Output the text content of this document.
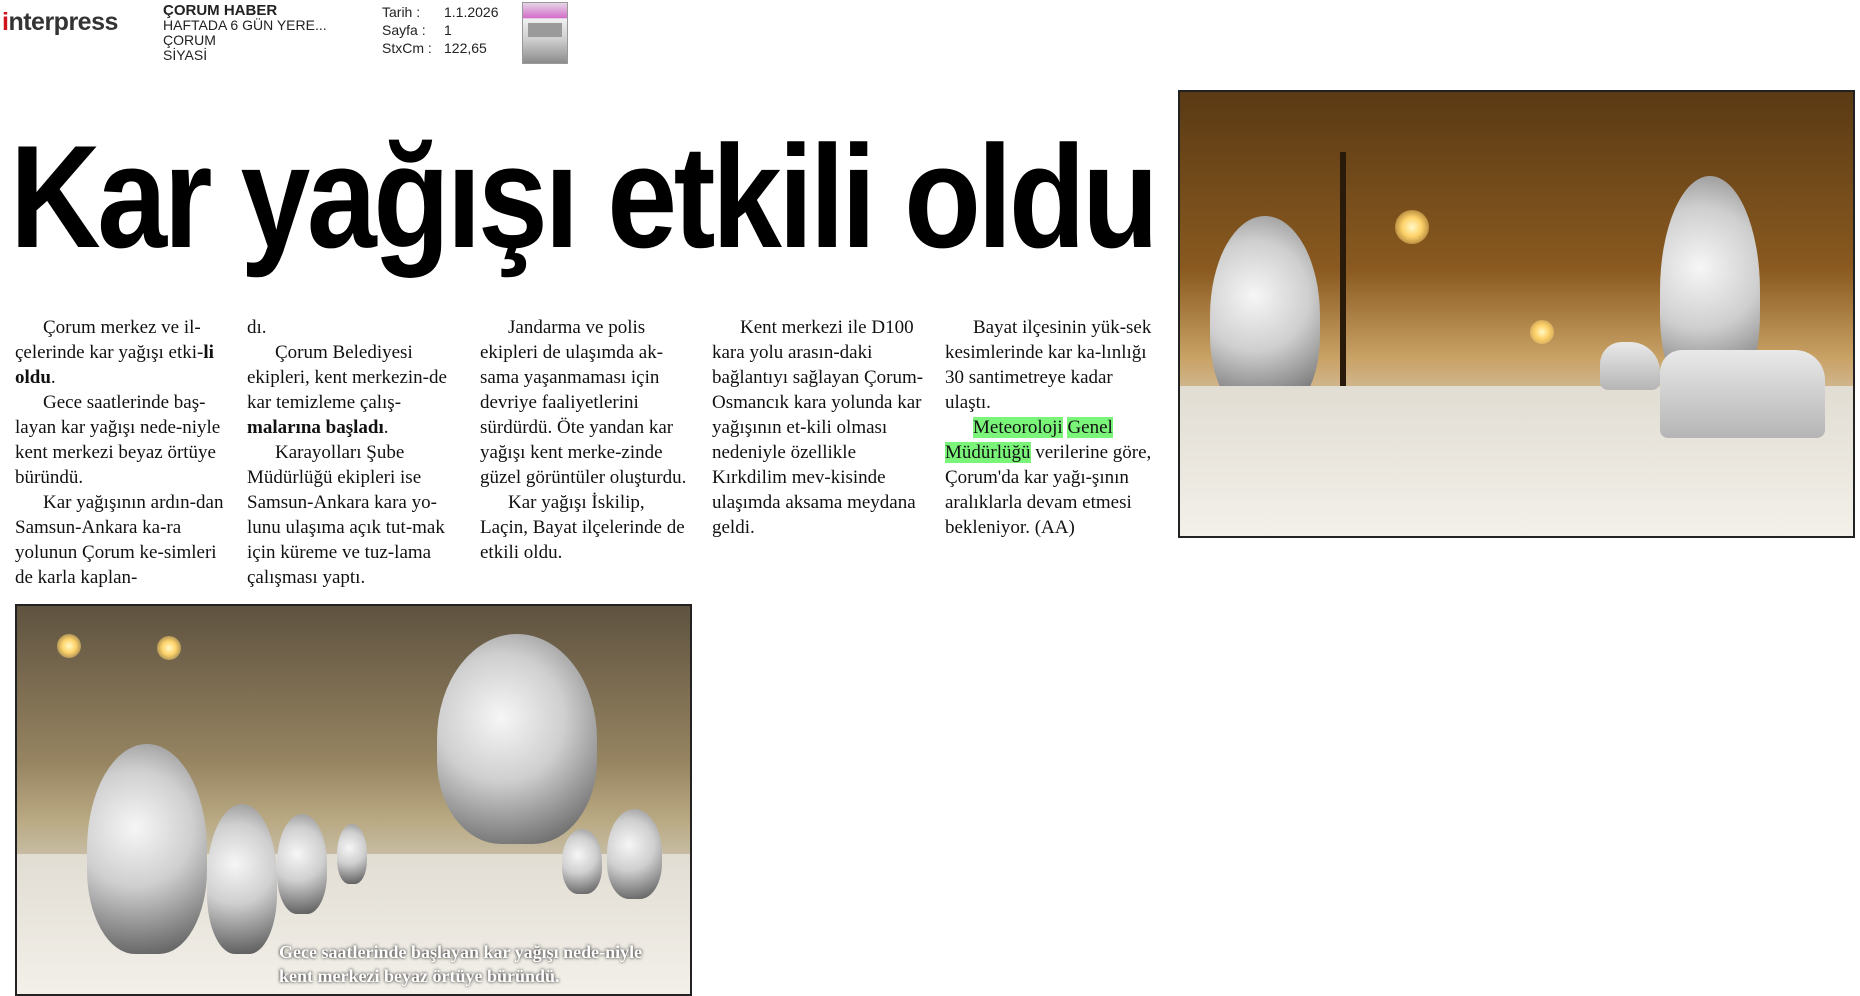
interpress	ÇORUM HABER
HAFTADA 6 GÜN YERE...
ÇORUM
SİYASİ
Tarih : 1.1.2026
Sayfa : 1
StxCm : 122,65
Kar yağışı etkili oldu

Çorum merkez ve il-çelerinde kar yağışı etki-li oldu.

Gece saatlerinde baş-layan kar yağışı nede-niyle kent merkezi beyaz örtüye büründü.

Kar yağışının ardın-dan Samsun-Ankara ka-ra yolunun Çorum ke-simleri de karla kaplan-

dı.

Çorum Belediyesi ekipleri, kent merkezin-de kar temizleme çalış-malarına başladı.

Karayolları Şube Müdürlüğü ekipleri ise Samsun-Ankara kara yo-lunu ulaşıma açık tut-mak için küreme ve tuz-lama çalışması yaptı.

Jandarma ve polis ekipleri de ulaşımda ak-sama yaşanmaması için devriye faaliyetlerini sürdürdü. Öte yandan kar yağışı kent merke-zinde güzel görüntüler oluşturdu.

Kar yağışı İskilip, Laçin, Bayat ilçelerinde de etkili oldu.

Kent merkezi ile D100 kara yolu arasın-daki bağlantıyı sağlayan Çorum-Osmancık kara yolunda kar yağışının et-kili olması nedeniyle özellikle Kırkdilim mev-kisinde ulaşımda aksama meydana geldi.

Bayat ilçesinin yük-sek kesimlerinde kar ka-lınlığı 30 santimetreye kadar ulaştı.

Meteoroloji Genel Müdürlüğü verilerine göre, Çorum'da kar yağı-şının aralıklarla devam etmesi bekleniyor. (AA)

Gece saatlerinde başlayan kar yağışı nede-niyle kent merkezi beyaz örtüye büründü.
